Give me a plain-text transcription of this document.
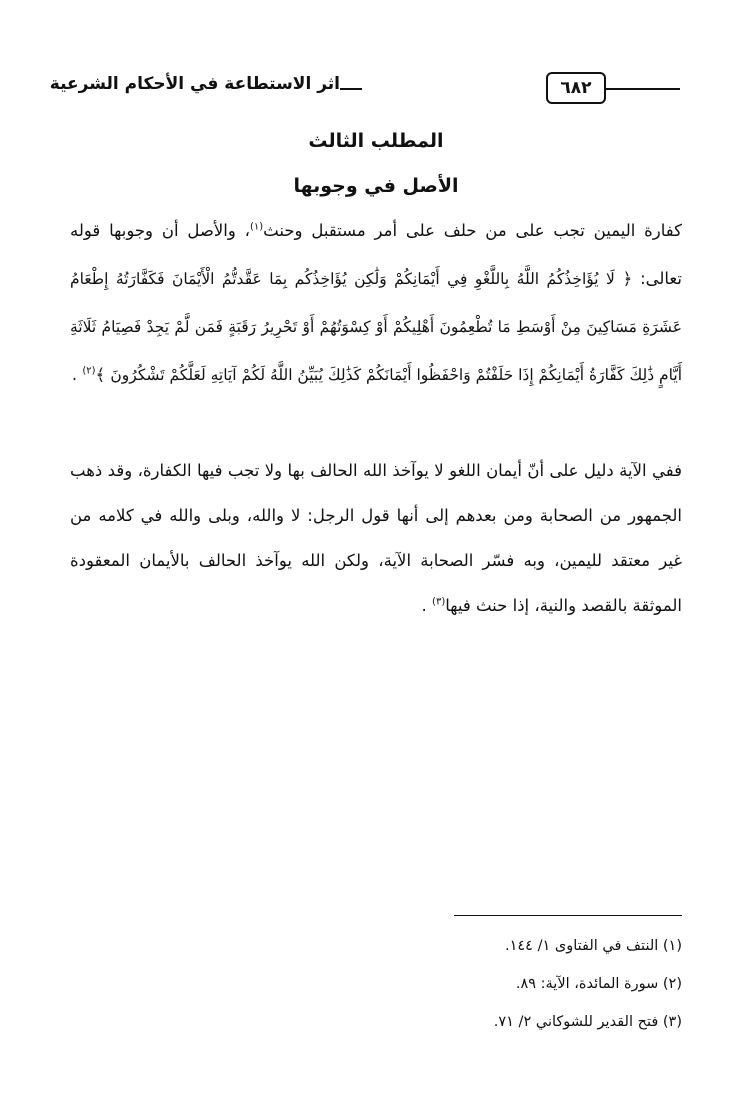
اثر الاستطاعة في الأحكام الشرعية	٦٨٢
المطلب الثالث
الأصل في وجوبها
كفارة اليمين تجب على من حلف على أمر مستقبل وحنث$^{(١)}$، والأصل أن وجوبها قوله تعالى: ﴿ لَا يُؤَاخِذُكُمُ اللَّهُ بِاللَّغْوِ فِي أَيْمَانِكُمْ وَلَٰكِن يُؤَاخِذُكُم بِمَا عَقَّدتُّمُ الْأَيْمَانَ فَكَفَّارَتُهُ إِطْعَامُ عَشَرَةِ مَسَاكِينَ مِنْ أَوْسَطِ مَا تُطْعِمُونَ أَهْلِيكُمْ أَوْ كِسْوَتُهُمْ أَوْ تَحْرِيرُ رَقَبَةٍ فَمَن لَّمْ يَجِدْ فَصِيَامُ ثَلَاثَةِ أَيَّامٍ ذَٰلِكَ كَفَّارَةُ أَيْمَانِكُمْ إِذَا حَلَفْتُمْ وَاحْفَظُوا أَيْمَانَكُمْ كَذَٰلِكَ يُبَيِّنُ اللَّهُ لَكُمْ آيَاتِهِ لَعَلَّكُمْ تَشْكُرُونَ ﴾$^{(٢)}$ .
ففي الآية دليل على أنّ أيمان اللغو لا يوآخذ الله الحالف بها ولا تجب فيها الكفارة، وقد ذهب الجمهور من الصحابة ومن بعدهم إلى أنها قول الرجل: لا والله، وبلى والله في كلامه من غير معتقد لليمين، وبه فسّر الصحابة الآية، ولكن الله يوآخذ الحالف بالأيمان المعقودة الموثقة بالقصد والنية، إذا حنث فيها$^{(٣)}$ .
(١) النتف في الفتاوى ١/ ١٤٤.
(٢) سورة المائدة، الآية: ٨٩.
(٣) فتح القدير للشوكاني ٢/ ٧١.
